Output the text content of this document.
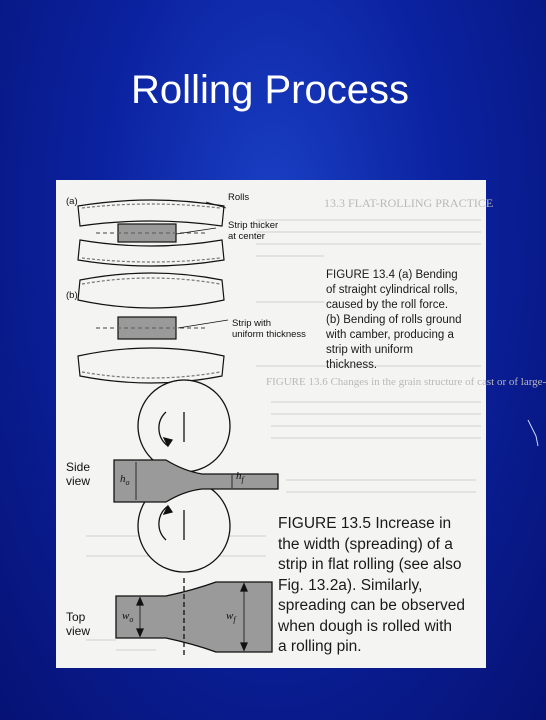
Rolling Process
13.3 FLAT-ROLLING PRACTICE
FIGURE 13.6 Changes in the grain structure of cast or of large-
(a)
(b)
Rolls
Strip thicker
at center
Strip with
uniform thickness
FIGURE 13.4 (a) Bending
of straight cylindrical rolls,
caused by the roll force.
(b) Bending of rolls ground
with camber, producing a
strip with uniform
thickness.
Side
view
Top
view
$h_o$
$h_f$
$w_o$	$w_f$
FIGURE 13.5 Increase in
the width (spreading) of a
strip in flat rolling (see also
Fig. 13.2a). Similarly,
spreading can be observed
when dough is rolled with
a rolling pin.
